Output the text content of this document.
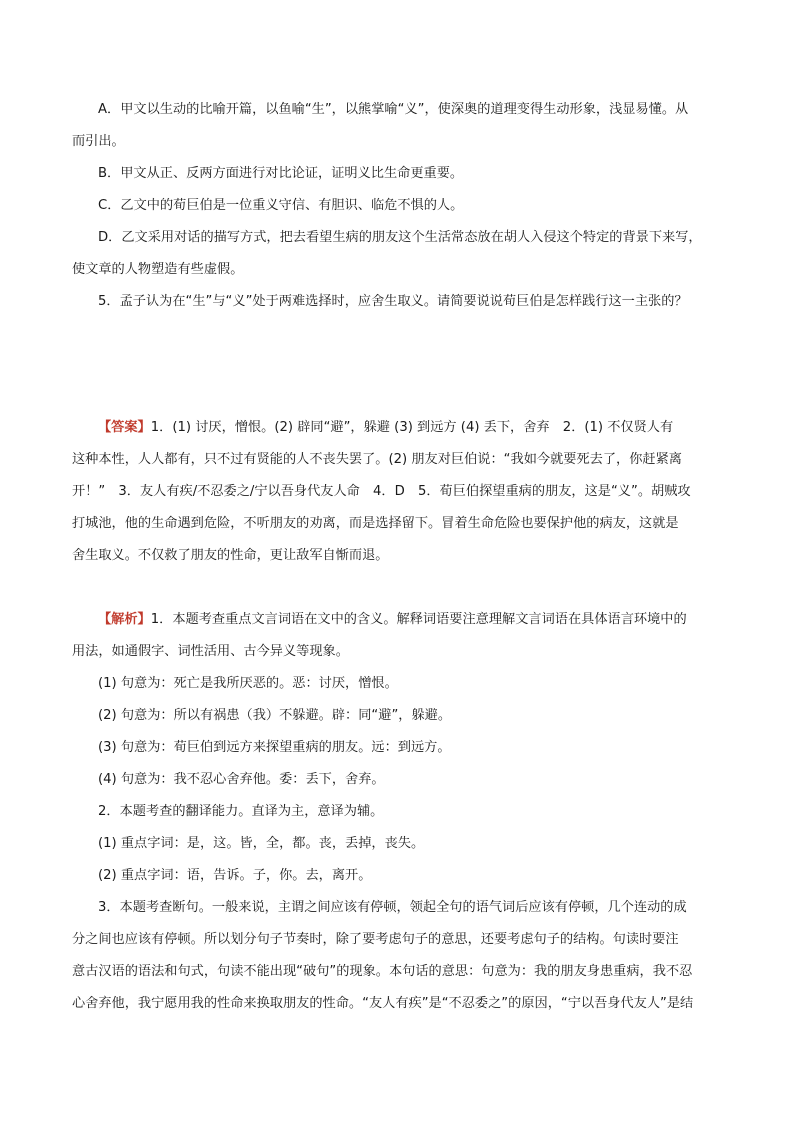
A．甲文以生动的比喻开篇，以鱼喻“生”，以熊掌喻“义”，使深奥的道理变得生动形象，浅显易懂。从
而引出。
B．甲文从正、反两方面进行对比论证，证明义比生命更重要。
C．乙文中的荀巨伯是一位重义守信、有胆识、临危不惧的人。
D．乙文采用对话的描写方式，把去看望生病的朋友这个生活常态放在胡人入侵这个特定的背景下来写，
使文章的人物塑造有些虚假。
5．孟子认为在“生”与“义”处于两难选择时，应舍生取义。请简要说说荀巨伯是怎样践行这一主张的？
【答案】1．(1) 讨厌，憎恨。(2) 辟同“避”，躲避 (3) 到远方 (4) 丢下，舍弃　2．(1) 不仅贤人有
这种本性，人人都有，只不过有贤能的人不丧失罢了。(2) 朋友对巨伯说：“我如今就要死去了，你赶紧离
开！”　3．友人有疾/不忍委之/宁以吾身代友人命　4．D　5．荀巨伯探望重病的朋友，这是“义”。胡贼攻
打城池，他的生命遇到危险，不听朋友的劝离，而是选择留下。冒着生命危险也要保护他的病友，这就是
舍生取义。不仅救了朋友的性命，更让敌军自惭而退。
【解析】1．本题考查重点文言词语在文中的含义。解释词语要注意理解文言词语在具体语言环境中的
用法，如通假字、词性活用、古今异义等现象。
(1) 句意为：死亡是我所厌恶的。恶：讨厌，憎恨。
(2) 句意为：所以有祸患（我）不躲避。辟：同“避”，躲避。
(3) 句意为：荀巨伯到远方来探望重病的朋友。远：到远方。
(4) 句意为：我不忍心舍弃他。委：丢下，舍弃。
2．本题考查的翻译能力。直译为主，意译为辅。
(1) 重点字词：是，这。皆，全，都。丧，丢掉，丧失。
(2) 重点字词：语，告诉。子，你。去，离开。
3．本题考查断句。一般来说，主谓之间应该有停顿，领起全句的语气词后应该有停顿，几个连动的成
分之间也应该有停顿。所以划分句子节奏时，除了要考虑句子的意思，还要考虑句子的结构。句读时要注
意古汉语的语法和句式，句读不能出现“破句”的现象。本句话的意思：句意为：我的朋友身患重病，我不忍
心舍弃他，我宁愿用我的性命来换取朋友的性命。“友人有疾”是“不忍委之”的原因，“宁以吾身代友人”是结
